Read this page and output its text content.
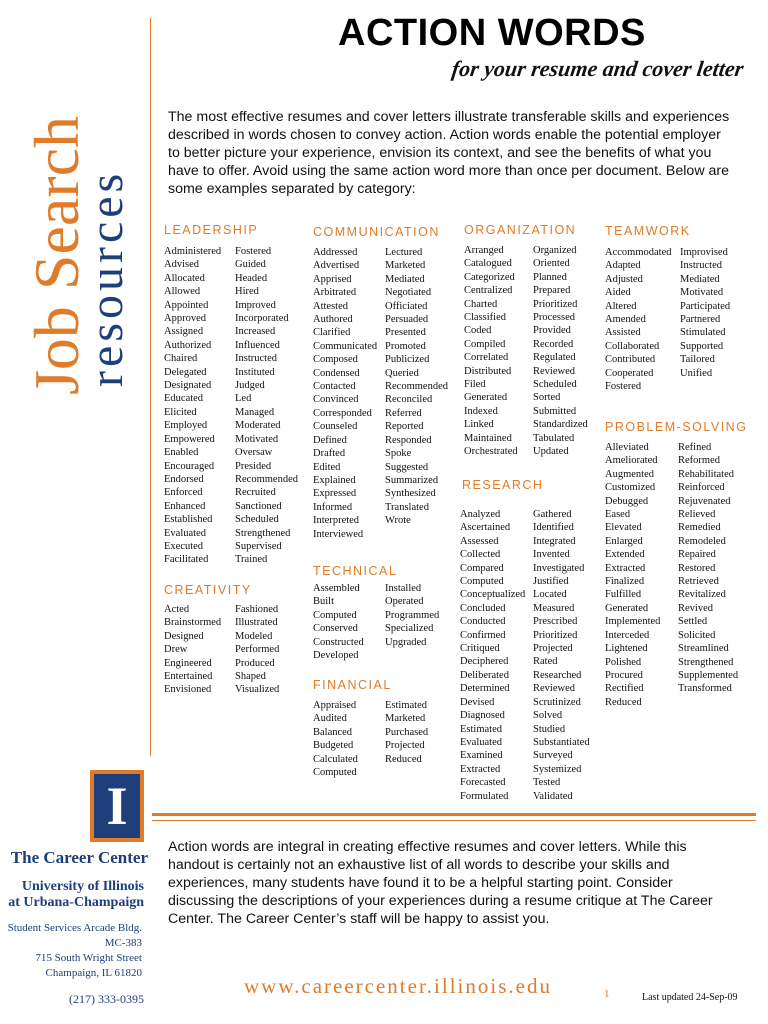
Job Search
resources
I
The Career Center
University of Illinois
at Urbana-Champaign
Student Services Arcade Bldg.
MC-383
715 South Wright Street
Champaign, IL 61820
(217) 333-0395
ACTION WORDS
for your resume and cover letter
The most effective resumes and cover letters illustrate transferable skills and experiences described in words chosen to convey action. Action words enable the potential employer to better picture your experience, envision its context, and see the benefits of what you have to offer. Avoid using the same action word more than once per document. Below are some examples separated by category:
LEADERSHIP
Administered
Advised
Allocated
Allowed
Appointed
Approved
Assigned
Authorized
Chaired
Delegated
Designated
Educated
Elicited
Employed
Empowered
Enabled
Encouraged
Endorsed
Enforced
Enhanced
Established
Evaluated
Executed
Facilitated
Fostered
Guided
Headed
Hired
Improved
Incorporated
Increased
Influenced
Instructed
Instituted
Judged
Led
Managed
Moderated
Motivated
Oversaw
Presided
Recommended
Recruited
Sanctioned
Scheduled
Strengthened
Supervised
Trained
CREATIVITY
Acted
Brainstormed
Designed
Drew
Engineered
Entertained
Envisioned
Fashioned
Illustrated
Modeled
Performed
Produced
Shaped
Visualized
COMMUNICATION
Addressed
Advertised
Apprised
Arbitrated
Attested
Authored
Clarified
Communicated
Composed
Condensed
Contacted
Convinced
Corresponded
Counseled
Defined
Drafted
Edited
Explained
Expressed
Informed
Interpreted
Interviewed
Lectured
Marketed
Mediated
Negotiated
Officiated
Persuaded
Presented
Promoted
Publicized
Queried
Recommended
Reconciled
Referred
Reported
Responded
Spoke
Suggested
Summarized
Synthesized
Translated
Wrote
TECHNICAL
Assembled
Built
Computed
Conserved
Constructed
Developed
Installed
Operated
Programmed
Specialized
Upgraded
FINANCIAL
Appraised
Audited
Balanced
Budgeted
Calculated
Computed
Estimated
Marketed
Purchased
Projected
Reduced
ORGANIZATION
Arranged
Catalogued
Categorized
Centralized
Charted
Classified
Coded
Compiled
Correlated
Distributed
Filed
Generated
Indexed
Linked
Maintained
Orchestrated
Organized
Oriented
Planned
Prepared
Prioritized
Processed
Provided
Recorded
Regulated
Reviewed
Scheduled
Sorted
Submitted
Standardized
Tabulated
Updated
RESEARCH
Analyzed
Ascertained
Assessed
Collected
Compared
Computed
Conceptualized
Concluded
Conducted
Confirmed
Critiqued
Deciphered
Deliberated
Determined
Devised
Diagnosed
Estimated
Evaluated
Examined
Extracted
Forecasted
Formulated
Gathered
Identified
Integrated
Invented
Investigated
Justified
Located
Measured
Prescribed
Prioritized
Projected
Rated
Researched
Reviewed
Scrutinized
Solved
Studied
Substantiated
Surveyed
Systemized
Tested
Validated
TEAMWORK
Accommodated
Adapted
Adjusted
Aided
Altered
Amended
Assisted
Collaborated
Contributed
Cooperated
Fostered
Improvised
Instructed
Mediated
Motivated
Participated
Partnered
Stimulated
Supported
Tailored
Unified
PROBLEM-SOLVING
Alleviated
Ameliorated
Augmented
Customized
Debugged
Eased
Elevated
Enlarged
Extended
Extracted
Finalized
Fulfilled
Generated
Implemented
Interceded
Lightened
Polished
Procured
Rectified
Reduced
Refined
Reformed
Rehabilitated
Reinforced
Rejuvenated
Relieved
Remedied
Remodeled
Repaired
Restored
Retrieved
Revitalized
Revived
Settled
Solicited
Streamlined
Strengthened
Supplemented
Transformed
Action words are integral in creating effective resumes and cover letters. While this handout is certainly not an exhaustive list of all words to describe your skills and experiences, many students have found it to be a helpful starting point. Consider discussing the descriptions of your experiences during a resume critique at The Career Center. The Career Center’s staff will be happy to assist you.
www.careercenter.illinois.edu	1	Last updated 24-Sep-09
